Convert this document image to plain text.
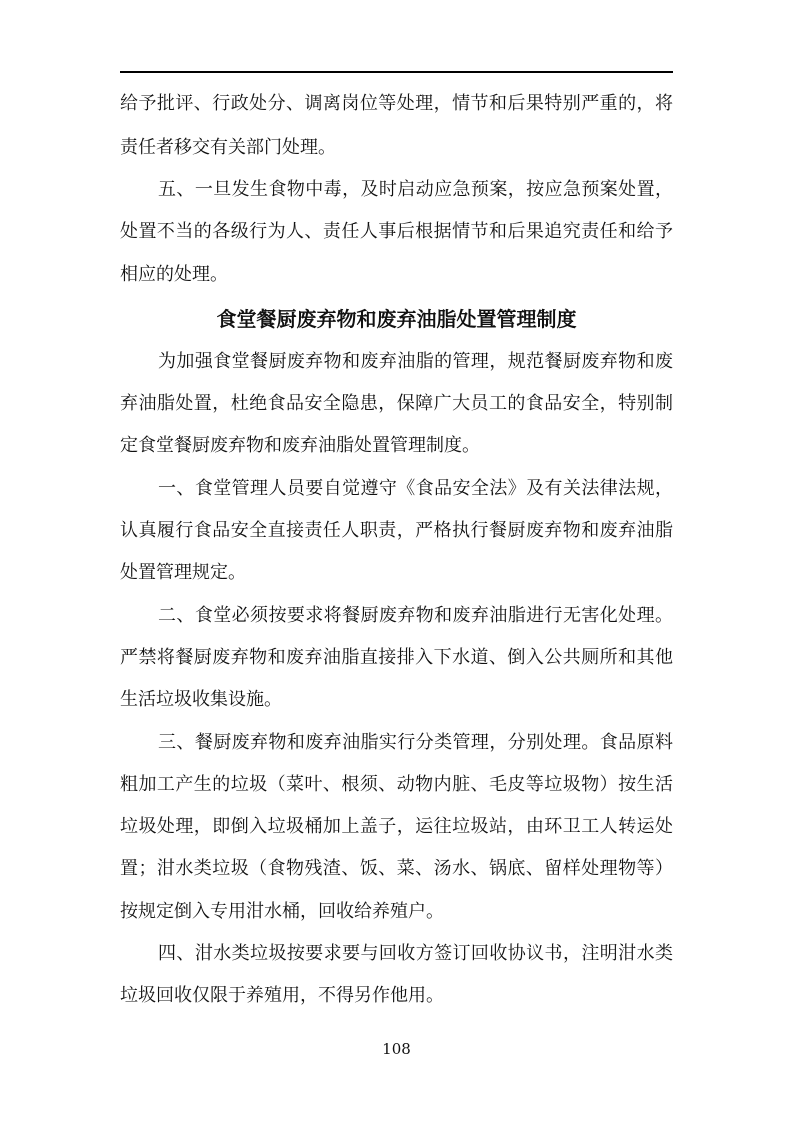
给予批评、行政处分、调离岗位等处理，情节和后果特别严重的，将
责任者移交有关部门处理。
五、一旦发生食物中毒，及时启动应急预案，按应急预案处置，
处置不当的各级行为人、责任人事后根据情节和后果追究责任和给予
相应的处理。
食堂餐厨废弃物和废弃油脂处置管理制度
为加强食堂餐厨废弃物和废弃油脂的管理，规范餐厨废弃物和废
弃油脂处置，杜绝食品安全隐患，保障广大员工的食品安全，特别制
定食堂餐厨废弃物和废弃油脂处置管理制度。
一、食堂管理人员要自觉遵守《食品安全法》及有关法律法规，
认真履行食品安全直接责任人职责，严格执行餐厨废弃物和废弃油脂
处置管理规定。
二、食堂必须按要求将餐厨废弃物和废弃油脂进行无害化处理。
严禁将餐厨废弃物和废弃油脂直接排入下水道、倒入公共厕所和其他
生活垃圾收集设施。
三、餐厨废弃物和废弃油脂实行分类管理，分别处理。食品原料
粗加工产生的垃圾（菜叶、根须、动物内脏、毛皮等垃圾物）按生活
垃圾处理，即倒入垃圾桶加上盖子，运往垃圾站，由环卫工人转运处
置；泔水类垃圾（食物残渣、饭、菜、汤水、锅底、留样处理物等）
按规定倒入专用泔水桶，回收给养殖户。
四、泔水类垃圾按要求要与回收方签订回收协议书，注明泔水类
垃圾回收仅限于养殖用，不得另作他用。
108
